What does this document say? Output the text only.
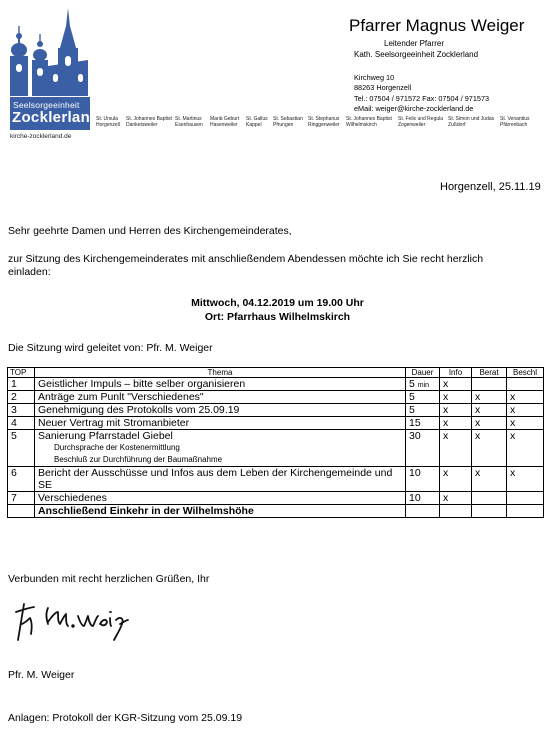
Seelsorgeeinheit
Zocklerland
kirche-zocklerland.de
Pfarrer Magnus Weiger
Leitender Pfarrer
Kath. Seelsorgeeinheit Zocklerland
Kirchweg 10
88263 Horgenzell
Tel.: 07504 / 971572 Fax: 07504 / 971573
eMail: weiger@kirche-zocklerland.de
St. Ursula
Horgenzell
St. Johannes Baptist
Danketsweiler
St. Martinus
Esenhausen
Mariä Geburt
Hasenweiler
St. Gallus
Kappel
St. Sebastian
Pfrungen
St. Stephanus
Ringgenweiler
St. Johannes Baptist
Wilhelmskirch
St. Felix und Regula
Zogenweiler
St. Simon und Judas
Zußdorf
St. Venantius
Pfärrenbach
Horgenzell, 25.11.19
Sehr geehrte Damen und Herren des Kirchengemeinderates,
zur Sitzung des Kirchengemeinderates mit anschließendem Abendessen möchte ich Sie recht herzlich
einladen:
Mittwoch, 04.12.2019 um 19.00 Uhr
Ort: Pfarrhaus Wilhelmskirch
Die Sitzung wird geleitet von: Pfr. M. Weiger
TOP	Thema	Dauer	Info	Berat	Beschl
1	Geistlicher Impuls – bitte selber organisieren	5 min	x		
2	Anträge zum Punlt "Verschiedenes"	5	x	x	x
3	Genehmigung des Protokolls vom 25.09.19	5	x	x	x
4	Neuer Vertrag mit Stromanbieter	15	x	x	x
5	Sanierung Pfarrstadel Giebel
Durchsprache der Kostenermittlung
Beschluß zur Durchführung der Baumaßnahme	30	x	x	x
6	Bericht der Ausschüsse und Infos aus dem Leben der Kirchengemeinde und SE	10	x	x	x
7	Verschiedenes	10	x		
	Anschließend Einkehr in der Wilhelmshöhe				
Verbunden mit recht herzlichen Grüßen, Ihr
Pfr. M. Weiger
Anlagen: Protokoll der KGR-Sitzung vom 25.09.19
